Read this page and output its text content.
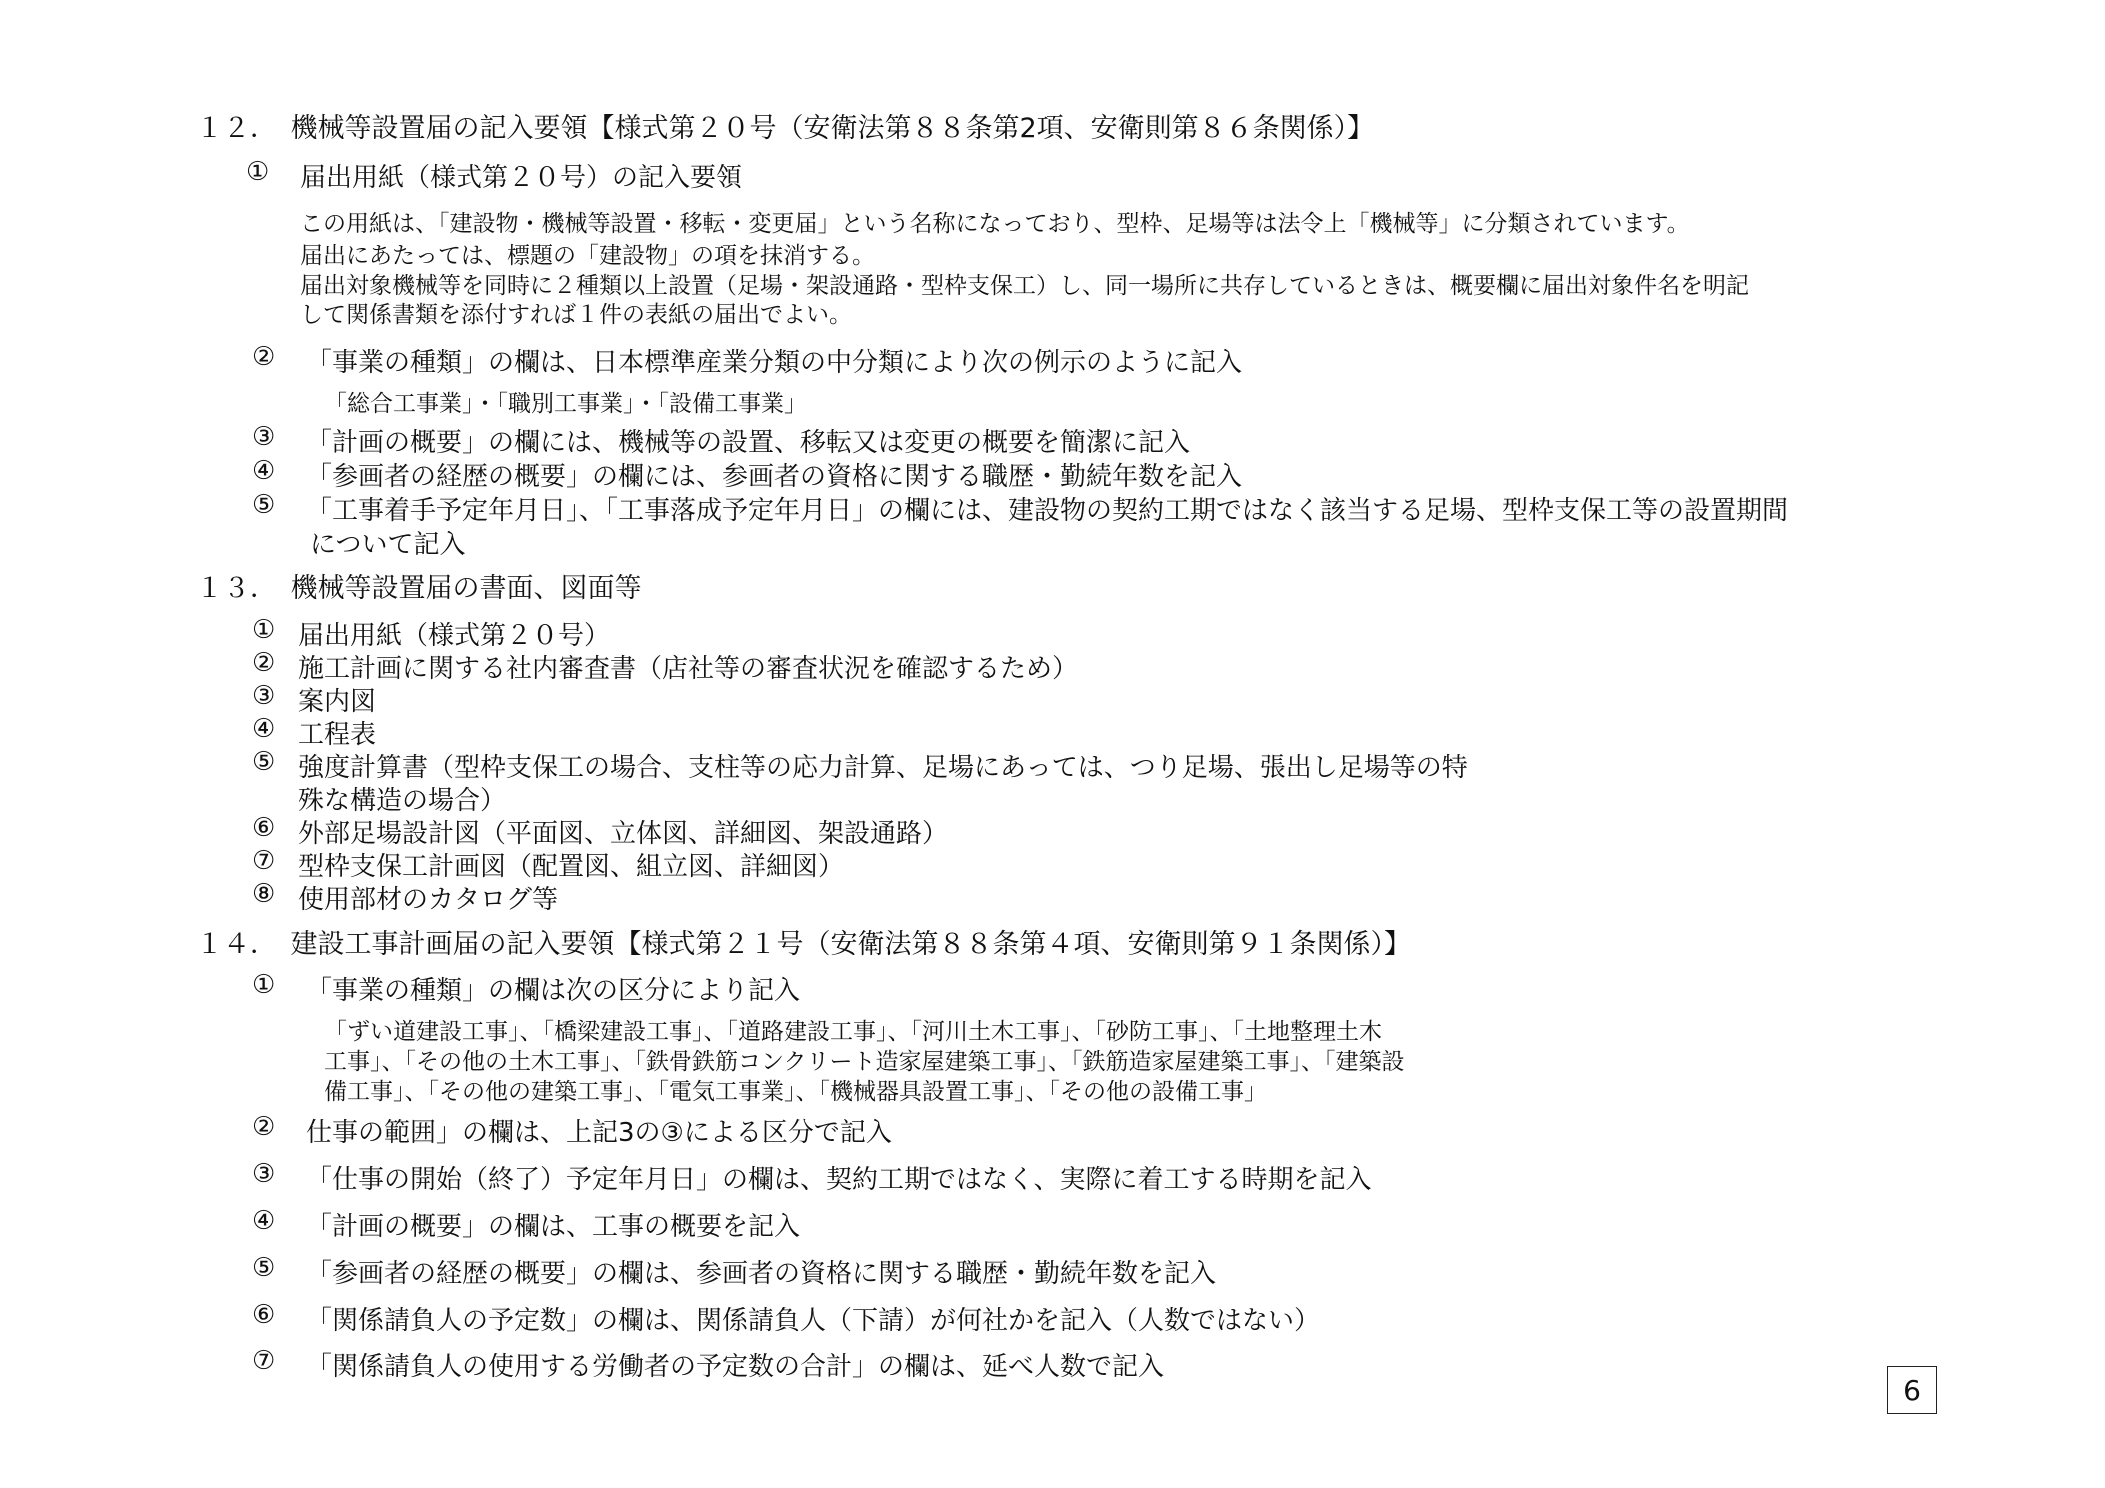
１２．　機械等設置届の記入要領【様式第２０号（安衛法第８８条第2項、安衛則第８６条関係）】
① 届出用紙（様式第２０号）の記入要領
この用紙は、「建設物・機械等設置・移転・変更届」という名称になっており、型枠、足場等は法令上「機械等」に分類されています。
届出にあたっては、標題の「建設物」の項を抹消する。
届出対象機械等を同時に２種類以上設置（足場・架設通路・型枠支保工）し、同一場所に共存しているときは、概要欄に届出対象件名を明記
して関係書類を添付すれば１件の表紙の届出でよい。
② 「事業の種類」の欄は、日本標準産業分類の中分類により次の例示のように記入
「総合工事業」・「職別工事業」・「設備工事業」
③ 「計画の概要」の欄には、機械等の設置、移転又は変更の概要を簡潔に記入
④ 「参画者の経歴の概要」の欄には、参画者の資格に関する職歴・勤続年数を記入
⑤ 「工事着手予定年月日」、「工事落成予定年月日」の欄には、建設物の契約工期ではなく該当する足場、型枠支保工等の設置期間
について記入
１３．　機械等設置届の書面、図面等
① 届出用紙（様式第２０号）
② 施工計画に関する社内審査書（店社等の審査状況を確認するため）
③ 案内図
④ 工程表
⑤ 強度計算書（型枠支保工の場合、支柱等の応力計算、足場にあっては、つり足場、張出し足場等の特
殊な構造の場合）
⑥ 外部足場設計図（平面図、立体図、詳細図、架設通路）
⑦ 型枠支保工計画図（配置図、組立図、詳細図）
⑧ 使用部材のカタログ等
１４．　建設工事計画届の記入要領【様式第２１号（安衛法第８８条第４項、安衛則第９１条関係）】
① 「事業の種類」の欄は次の区分により記入
「ずい道建設工事」、「橋梁建設工事」、「道路建設工事」、「河川土木工事」、「砂防工事」、「土地整理土木
工事」、「その他の土木工事」、「鉄骨鉄筋コンクリート造家屋建築工事」、「鉄筋造家屋建築工事」、「建築設
備工事」、「その他の建築工事」、「電気工事業」、「機械器具設置工事」、「その他の設備工事」
② 仕事の範囲」の欄は、上記3の③による区分で記入
③ 「仕事の開始（終了）予定年月日」の欄は、契約工期ではなく、実際に着工する時期を記入
④ 「計画の概要」の欄は、工事の概要を記入
⑤ 「参画者の経歴の概要」の欄は、参画者の資格に関する職歴・勤続年数を記入
⑥ 「関係請負人の予定数」の欄は、関係請負人（下請）が何社かを記入（人数ではない）
⑦ 「関係請負人の使用する労働者の予定数の合計」の欄は、延べ人数で記入
6
